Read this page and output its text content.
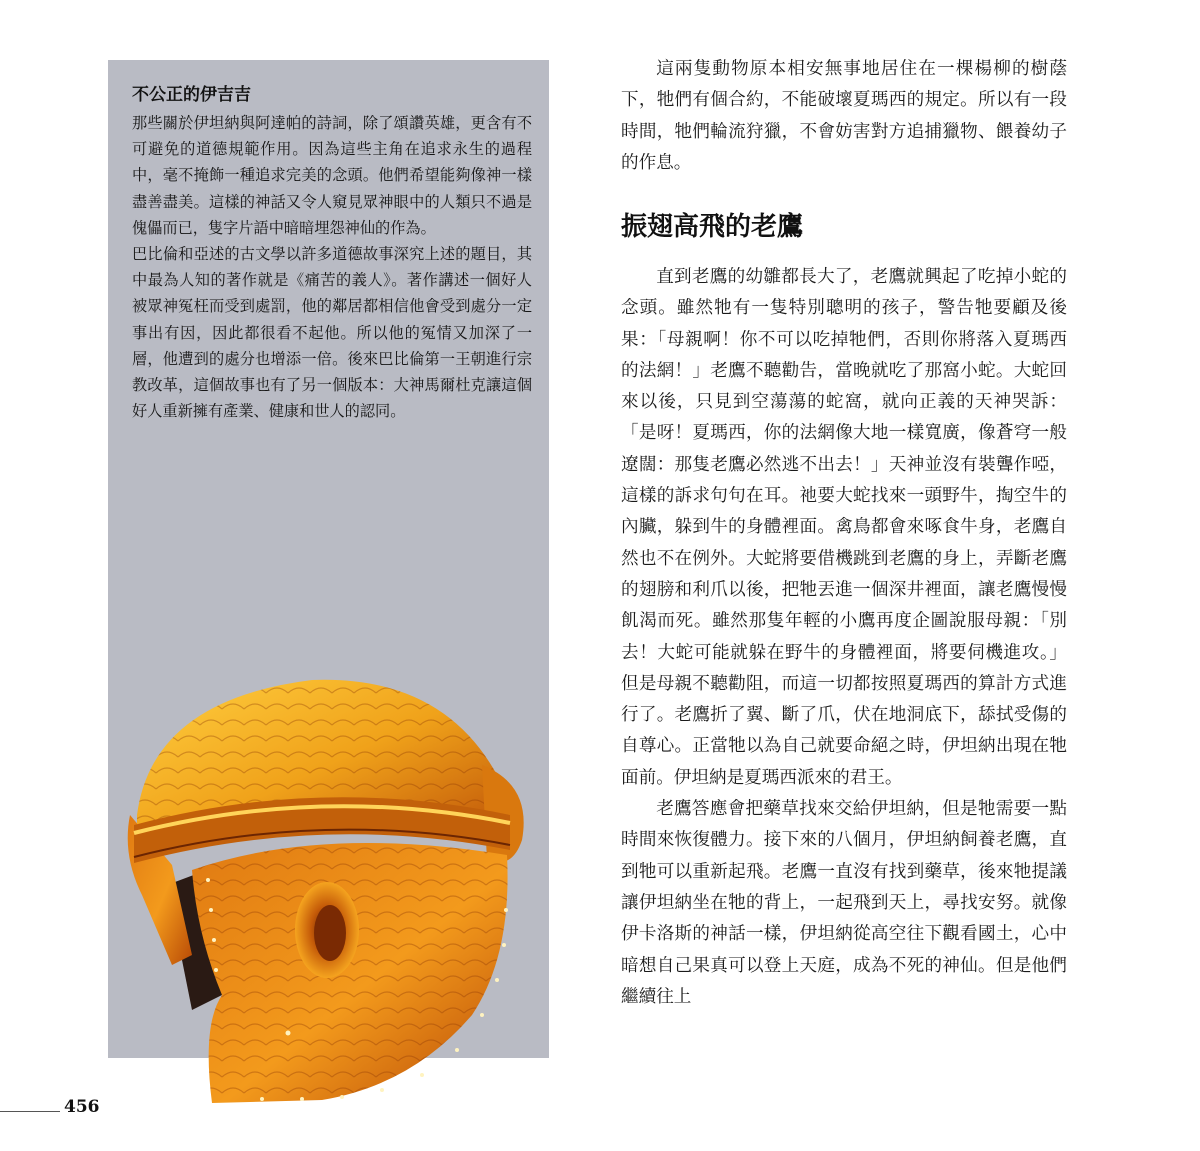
不公正的伊吉吉

那些關於伊坦納與阿達帕的詩詞，除了頌讚英雄，更含有不可避免的道德規範作用。因為這些主角在追求永生的過程中，毫不掩飾一種追求完美的念頭。他們希望能夠像神一樣盡善盡美。這樣的神話又令人窺見眾神眼中的人類只不過是傀儡而已，隻字片語中暗暗埋怨神仙的作為。

巴比倫和亞述的古文學以許多道德故事深究上述的題目，其中最為人知的著作就是《痛苦的義人》。著作講述一個好人被眾神冤枉而受到處罰，他的鄰居都相信他會受到處分一定事出有因，因此都很看不起他。所以他的冤情又加深了一層，他遭到的處分也增添一倍。後來巴比倫第一王朝進行宗教改革，這個故事也有了另一個版本：大神馬爾杜克讓這個好人重新擁有產業、健康和世人的認同。

這兩隻動物原本相安無事地居住在一棵楊柳的樹蔭下，牠們有個合約，不能破壞夏瑪西的規定。所以有一段時間，牠們輪流狩獵，不會妨害對方追捕獵物、餵養幼子的作息。

振翅高飛的老鷹

直到老鷹的幼雛都長大了，老鷹就興起了吃掉小蛇的念頭。雖然牠有一隻特別聰明的孩子，警告牠要顧及後果：「母親啊！你不可以吃掉牠們，否則你將落入夏瑪西的法網！」老鷹不聽勸告，當晚就吃了那窩小蛇。大蛇回來以後，只見到空蕩蕩的蛇窩，就向正義的天神哭訴：「是呀！夏瑪西，你的法網像大地一樣寬廣，像蒼穹一般遼闊：那隻老鷹必然逃不出去！」天神並沒有裝聾作啞，這樣的訴求句句在耳。祂要大蛇找來一頭野牛，掏空牛的內臟，躲到牛的身體裡面。禽鳥都會來啄食牛身，老鷹自然也不在例外。大蛇將要借機跳到老鷹的身上，弄斷老鷹的翅膀和利爪以後，把牠丟進一個深井裡面，讓老鷹慢慢飢渴而死。雖然那隻年輕的小鷹再度企圖說服母親：「別去！大蛇可能就躲在野牛的身體裡面，將要伺機進攻。」但是母親不聽勸阻，而這一切都按照夏瑪西的算計方式進行了。老鷹折了翼、斷了爪，伏在地洞底下，舔拭受傷的自尊心。正當牠以為自己就要命絕之時，伊坦納出現在牠面前。伊坦納是夏瑪西派來的君王。

老鷹答應會把藥草找來交給伊坦納，但是牠需要一點時間來恢復體力。接下來的八個月，伊坦納飼養老鷹，直到牠可以重新起飛。老鷹一直沒有找到藥草，後來牠提議讓伊坦納坐在牠的背上，一起飛到天上，尋找安努。就像伊卡洛斯的神話一樣，伊坦納從高空往下觀看國土，心中暗想自己果真可以登上天庭，成為不死的神仙。但是他們繼續往上

456
